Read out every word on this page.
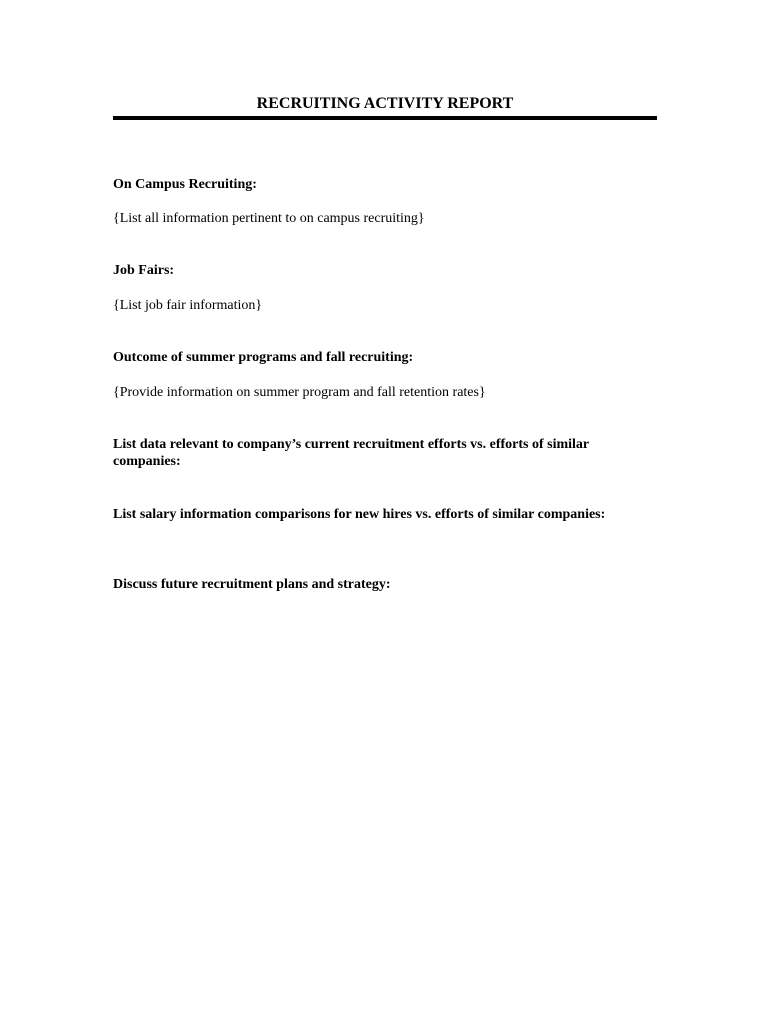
RECRUITING ACTIVITY REPORT

On Campus Recruiting:

{List all information pertinent to on campus recruiting}

Job Fairs:

{List job fair information}

Outcome of summer programs and fall recruiting:

{Provide information on summer program and fall retention rates}

List data relevant to company’s current recruitment efforts vs. efforts of similar companies:

List salary information comparisons for new hires vs. efforts of similar companies:

Discuss future recruitment plans and strategy:
